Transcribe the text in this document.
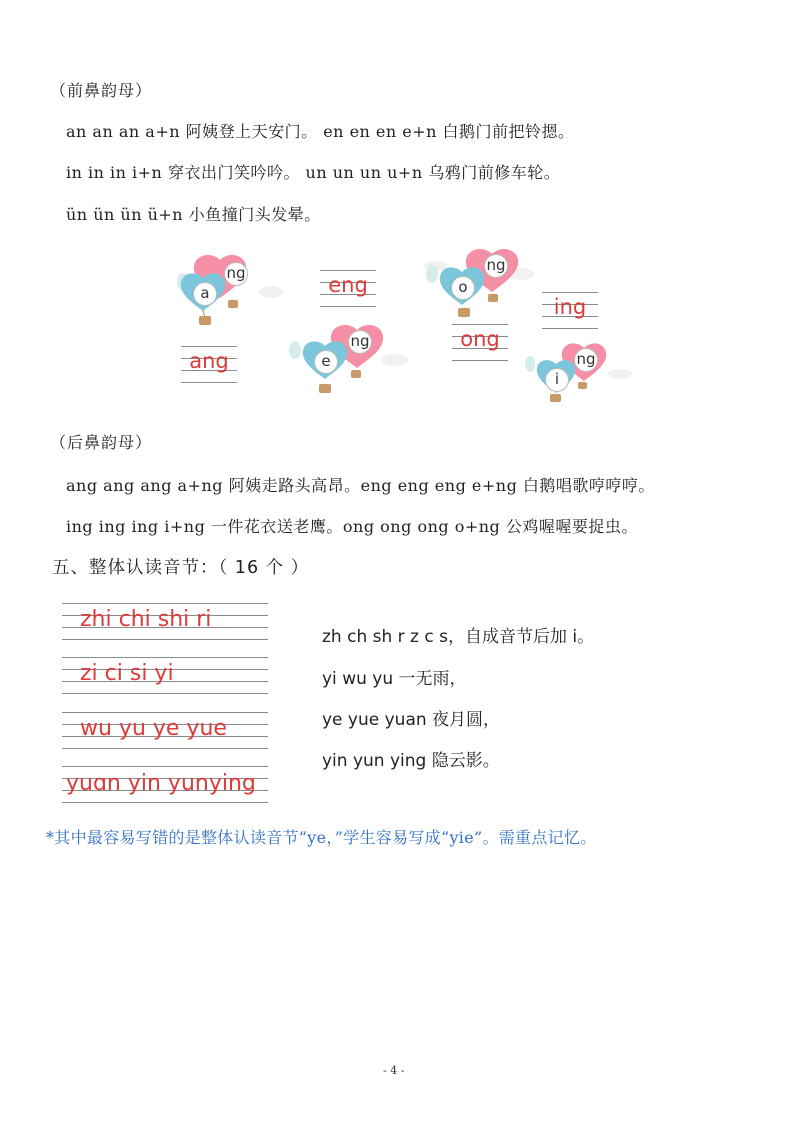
（前鼻韵母）
an an an a+n 阿姨登上天安门。 en en en e+n 白鹅门前把铃摁。
in in in i+n 穿衣出门笑吟吟。 un un un u+n 乌鸦门前修车轮。
ün ün ün ü+n 小鱼撞门头发晕。
a
ng
o
ng
e
ng
i
ng
eng
ing
ong
ang
（后鼻韵母）
ang ang ang a+ng 阿姨走路头高昂。eng eng eng e+ng 白鹅唱歌哼哼哼。
ing ing ing i+ng 一件花衣送老鹰。ong ong ong o+ng 公鸡喔喔要捉虫。
五、整体认读音节：（ 16 个 ）
zhi chi shi ri
zi ci si yi
wu yu ye yue
yuɑn yin yunying
zh ch sh r z c s，自成音节后加 i。
yi wu yu 一无雨，
ye yue yuan 夜月圆，
yin yun ying 隐云影。
*其中最容易写错的是整体认读音节“ye，”学生容易写成“yie”。需重点记忆。
- 4 -
